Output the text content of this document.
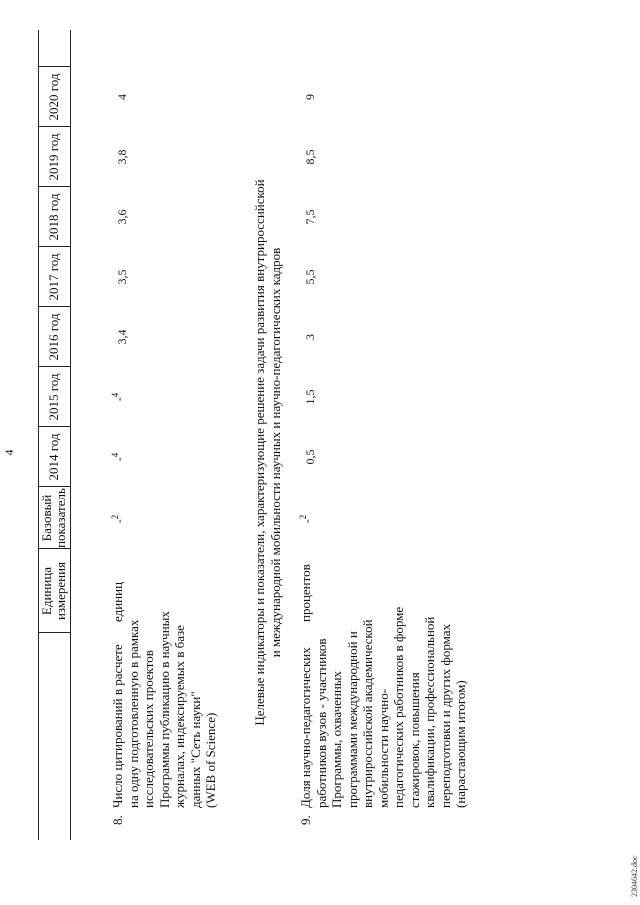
4
Единица измерения
Базовый показатель
2014 год
2015 год
2016 год
2017 год
2018 год
2019 год
2020 год
8.
Число цитирований в расчете на одну подготовленную в рамках исследовательских проектов Программы публикацию в научных журналах, индексируемых в базе данных "Сеть науки" (WEB of Science)
единиц
-$^2$
-$^4$
-$^4$
3,4
3,5
3,6
3,8
4
Целевые индикаторы и показатели, характеризующие решение задачи развития внутрироссийской и международной мобильности научных и научно-педагогических кадров
9.
Доля научно-педагогических работников вузов - участников Программы, охваченных программами международной и внутрироссийской академической мобильности научно- педагогических работников в форме стажировок, повышения квалификации, профессиональной переподготовки и других формах (нарастающим итогом)
процентов
-$^2$
0,5
1,5
3
5,5
7,5
8,5
9
2304642.doc
